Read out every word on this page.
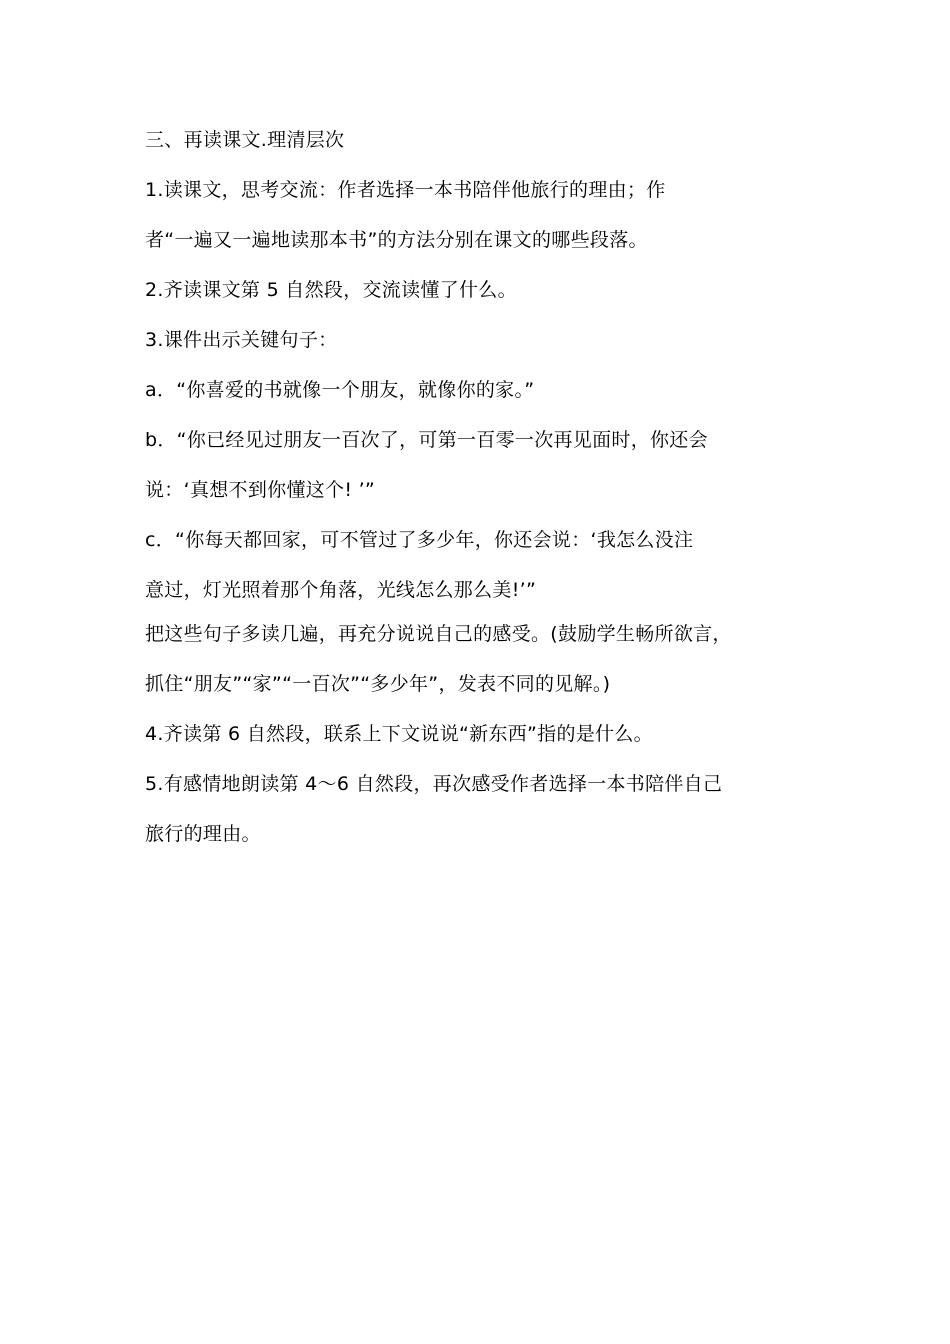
三、再读课文.理清层次
1.读课文，思考交流：作者选择一本书陪伴他旅行的理由；作
者“一遍又一遍地读那本书”的方法分别在课文的哪些段落。
2.齐读课文第 5 自然段，交流读懂了什么。
3.课件出示关键句子：
a．“你喜爱的书就像一个朋友，就像你的家。”
b．“你已经见过朋友一百次了，可第一百零一次再见面时，你还会
说：‘真想不到你懂这个! ’”
c．“你每天都回家，可不管过了多少年，你还会说：‘我怎么没注
意过，灯光照着那个角落，光线怎么那么美!’”
把这些句子多读几遍，再充分说说自己的感受。(鼓励学生畅所欲言，
抓住“朋友”“家”“一百次”“多少年”，发表不同的见解。)
4.齐读第 6 自然段，联系上下文说说“新东西”指的是什么。
5.有感情地朗读第 4～6 自然段，再次感受作者选择一本书陪伴自己
旅行的理由。
